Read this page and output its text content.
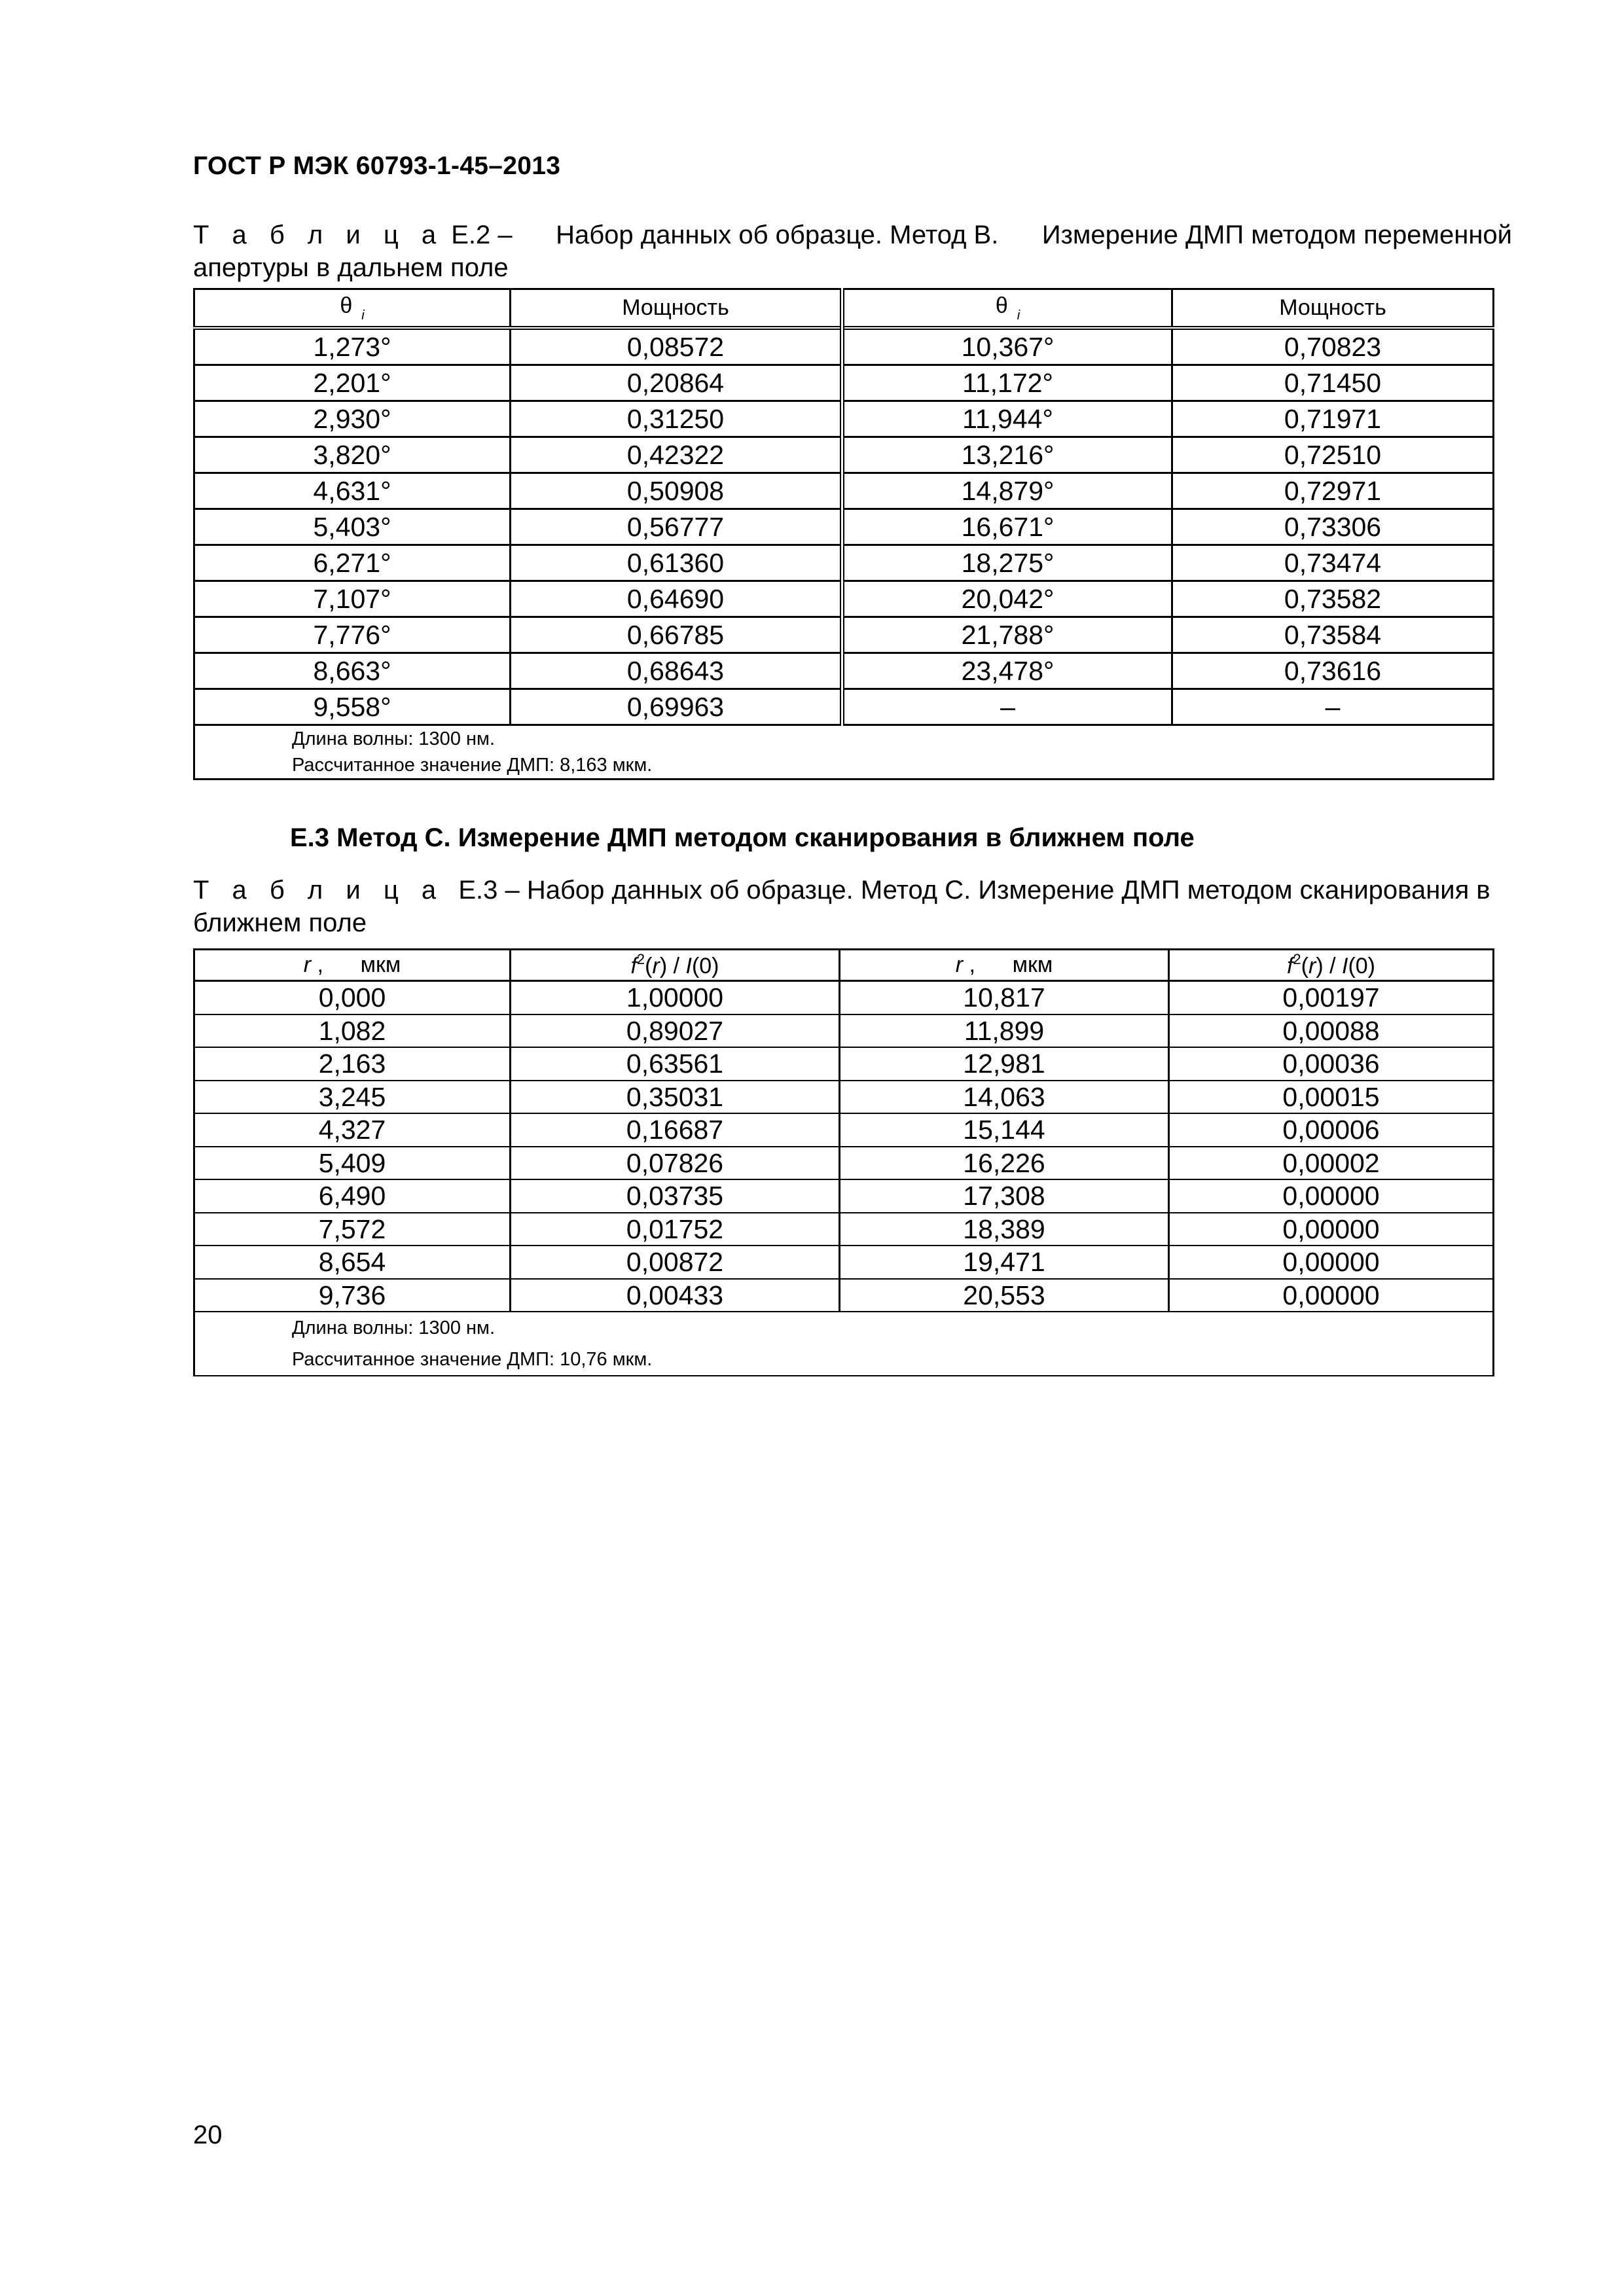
ГОСТ Р МЭК 60793-1-45–2013
Т а б л и ц а Е.2 – Набор данных об образце. Метод В. Измерение ДМП методом переменной
апертуры в дальнем поле
θ $_i$	Мощность	θ $_i$	Мощность
1,273°	0,08572	10,367°	0,70823
2,201°	0,20864	11,172°	0,71450
2,930°	0,31250	11,944°	0,71971
3,820°	0,42322	13,216°	0,72510
4,631°	0,50908	14,879°	0,72971
5,403°	0,56777	16,671°	0,73306
6,271°	0,61360	18,275°	0,73474
7,107°	0,64690	20,042°	0,73582
7,776°	0,66785	21,788°	0,73584
8,663°	0,68643	23,478°	0,73616
9,558°	0,69963	–	–

Длина волны: 1300 нм.
Рассчитанное значение ДМП: 8,163 мкм.			
Е.3 Метод С. Измерение ДМП методом сканирования в ближнем поле
Т а б л и ц а  Е.3 – Набор данных об образце. Метод С. Измерение ДМП методом сканирования в
ближнем поле
r ,      мкм	$f^2(r) / I(0)$	r ,      мкм	$f^2(r) / I(0)$
0,000	1,00000	10,817	0,00197
1,082	0,89027	11,899	0,00088
2,163	0,63561	12,981	0,00036
3,245	0,35031	14,063	0,00015
4,327	0,16687	15,144	0,00006
5,409	0,07826	16,226	0,00002
6,490	0,03735	17,308	0,00000
7,572	0,01752	18,389	0,00000
8,654	0,00872	19,471	0,00000
9,736	0,00433	20,553	0,00000

Длина волны: 1300 нм.
Рассчитанное значение ДМП: 10,76 мкм.			
20
